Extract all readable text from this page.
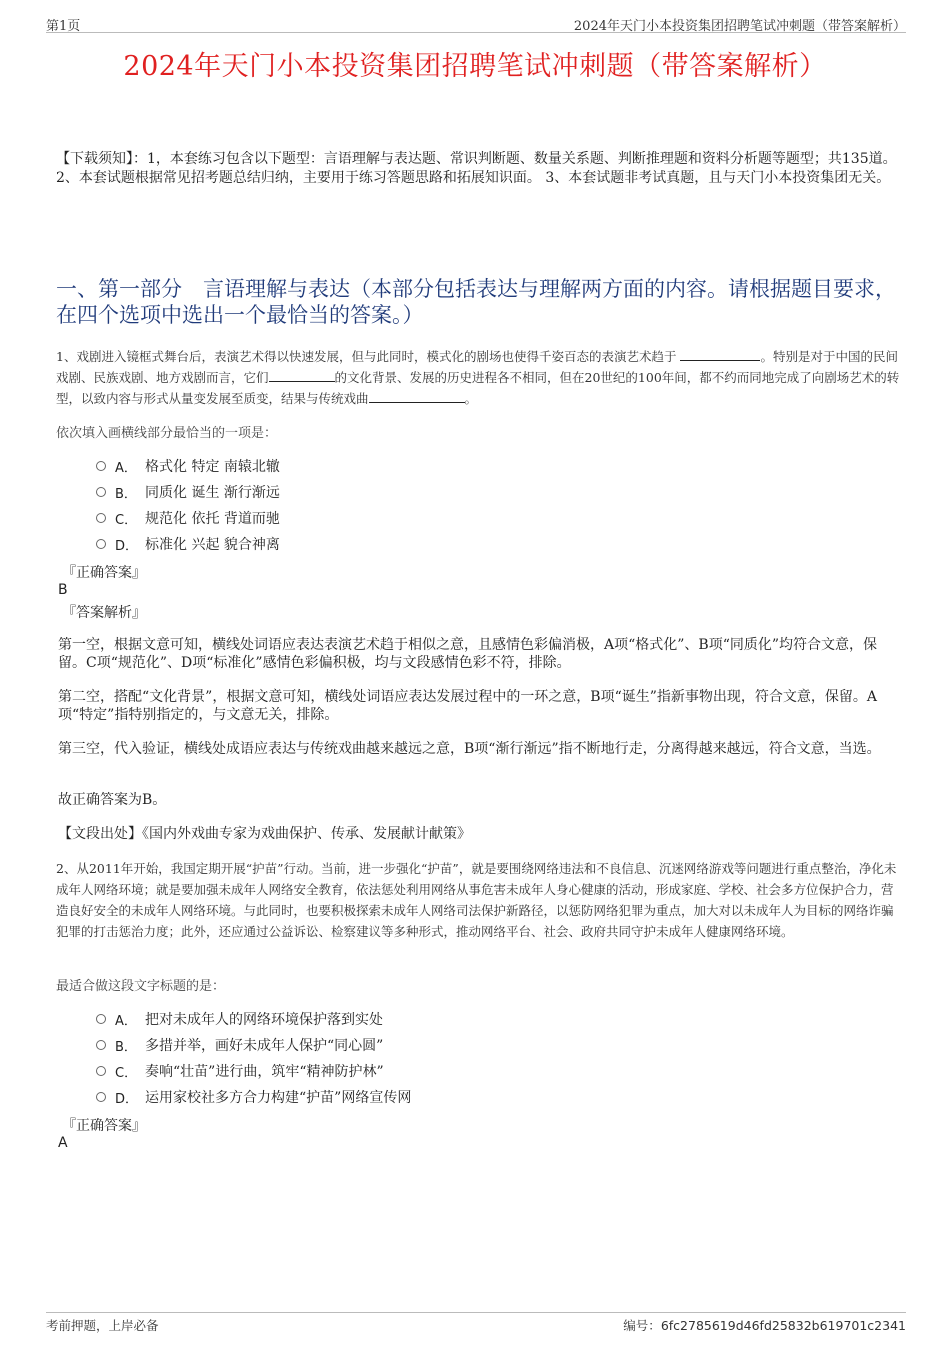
第1页	2024年天门小本投资集团招聘笔试冲刺题（带答案解析）
2024年天门小本投资集团招聘笔试冲刺题（带答案解析）
【下载须知】：1，本套练习包含以下题型：言语理解与表达题、常识判断题、数量关系题、判断推理题和资料分析题等题型；共135道。 2、本套试题根据常见招考题总结归纳，主要用于练习答题思路和拓展知识面。 3、本套试题非考试真题，且与天门小本投资集团无关。
一、第一部分　言语理解与表达（本部分包括表达与理解两方面的内容。请根据题目要求，在四个选项中选出一个最恰当的答案。）
1、戏剧进入镜框式舞台后，表演艺术得以快速发展，但与此同时，模式化的剧场也使得千姿百态的表演艺术趋于	。特别是对于中国的民间戏剧、民族戏剧、地方戏剧而言，它们	的文化背景、发展的历史进程各不相同，但在20世纪的100年间，都不约而同地完成了向剧场艺术的转型，以致内容与形式从量变发展至质变，结果与传统戏曲	。
依次填入画横线部分最恰当的一项是：
A． 格式化 特定 南辕北辙
B． 同质化 诞生 渐行渐远
C． 规范化 依托 背道而驰
D． 标准化 兴起 貌合神离
『正确答案』
B
『答案解析』
第一空，根据文意可知，横线处词语应表达表演艺术趋于相似之意，且感情色彩偏消极，A项“格式化”、B项“同质化”均符合文意，保留。C项“规范化”、D项“标准化”感情色彩偏积极，均与文段感情色彩不符，排除。
第二空，搭配“文化背景”，根据文意可知，横线处词语应表达发展过程中的一环之意，B项“诞生”指新事物出现，符合文意，保留。A项“特定”指特别指定的，与文意无关，排除。
第三空，代入验证，横线处成语应表达与传统戏曲越来越远之意，B项“渐行渐远”指不断地行走，分离得越来越远，符合文意，当选。
故正确答案为B。
【文段出处】《国内外戏曲专家为戏曲保护、传承、发展献计献策》
2、从2011年开始，我国定期开展“护苗”行动。当前，进一步强化“护苗”，就是要围绕网络违法和不良信息、沉迷网络游戏等问题进行重点整治，净化未成年人网络环境；就是要加强未成年人网络安全教育，依法惩处利用网络从事危害未成年人身心健康的活动，形成家庭、学校、社会多方位保护合力，营造良好安全的未成年人网络环境。与此同时，也要积极探索未成年人网络司法保护新路径，以惩防网络犯罪为重点，加大对以未成年人为目标的网络诈骗犯罪的打击惩治力度；此外，还应通过公益诉讼、检察建议等多种形式，推动网络平台、社会、政府共同守护未成年人健康网络环境。
最适合做这段文字标题的是：
A． 把对未成年人的网络环境保护落到实处
B． 多措并举，画好未成年人保护“同心圆”
C． 奏响“壮苗”进行曲，筑牢“精神防护林”
D． 运用家校社多方合力构建“护苗”网络宣传网
『正确答案』
A
考前押题，上岸必备	编号：6fc2785619d46fd25832b619701c2341
